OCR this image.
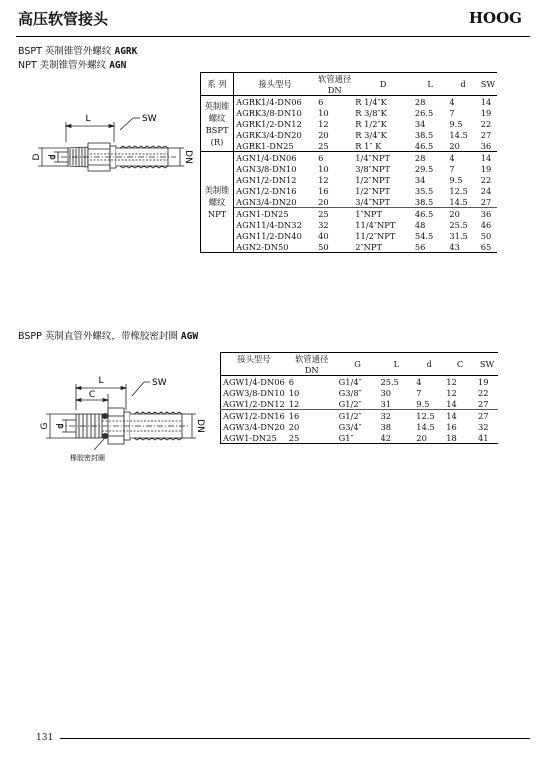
高压软管接头	HOOG
BSPT 英制锥管外螺纹 AGRK
NPT 美制锥管外螺纹 AGN
L	SW
D d	DN
系 列	接头型号	软管通径	D	L	d	SW
		DN				

英制锥
螺纹
BSPT
(R)	AGRK1/4-DN06	6	R 1/4″K	28	4	14
	AGRK3/8-DN10	10	R 3/8″K	26.5	7	19
	AGRK1/2-DN12	12	R 1/2″K	34	9.5	22
	AGRK3/4-DN20	20	R 3/4″K	38.5	14.5	27
	AGRK1-DN25	25	R 1″ K	46.5	20	36

美制锥
螺纹
NPT	AGN1/4-DN06	6	1/4″NPT	28	4	14
	AGN3/8-DN10	10	3/8″NPT	29.5	7	19
	AGN1/2-DN12	12	1/2″NPT	34	9.5	22
	AGN1/2-DN16	16	1/2″NPT	35.5	12.5	24
	AGN3/4-DN20	20	3/4″NPT	38.5	14.5	27
	AGN1-DN25	25	1″NPT	46.5	20	36
	AGN11/4-DN32	32	11/4″NPT	48	25.5	46
	AGN11/2-DN40	40	11/2″NPT	54.5	31.5	50
	AGN2-DN50	50	2″NPT	56	43	65
BSPP 英制直管外螺纹，带橡胶密封圈 AGW
L
C
SW
G d	DN
橡胶密封圈
接头型号	软管通径	G	L	d	C	SW
	DN					
AGW1/4-DN06	6	G1/4″	25.5	4	12	19
AGW3/8-DN10	10	G3/8″	30	7	12	22
AGW1/2-DN12	12	G1/2″	31	9.5	14	27
AGW1/2-DN16	16	G1/2″	32	12.5	14	27
AGW3/4-DN20	20	G3/4″	38	14.5	16	32
AGW1-DN25	25	G1″	42	20	18	41
131
